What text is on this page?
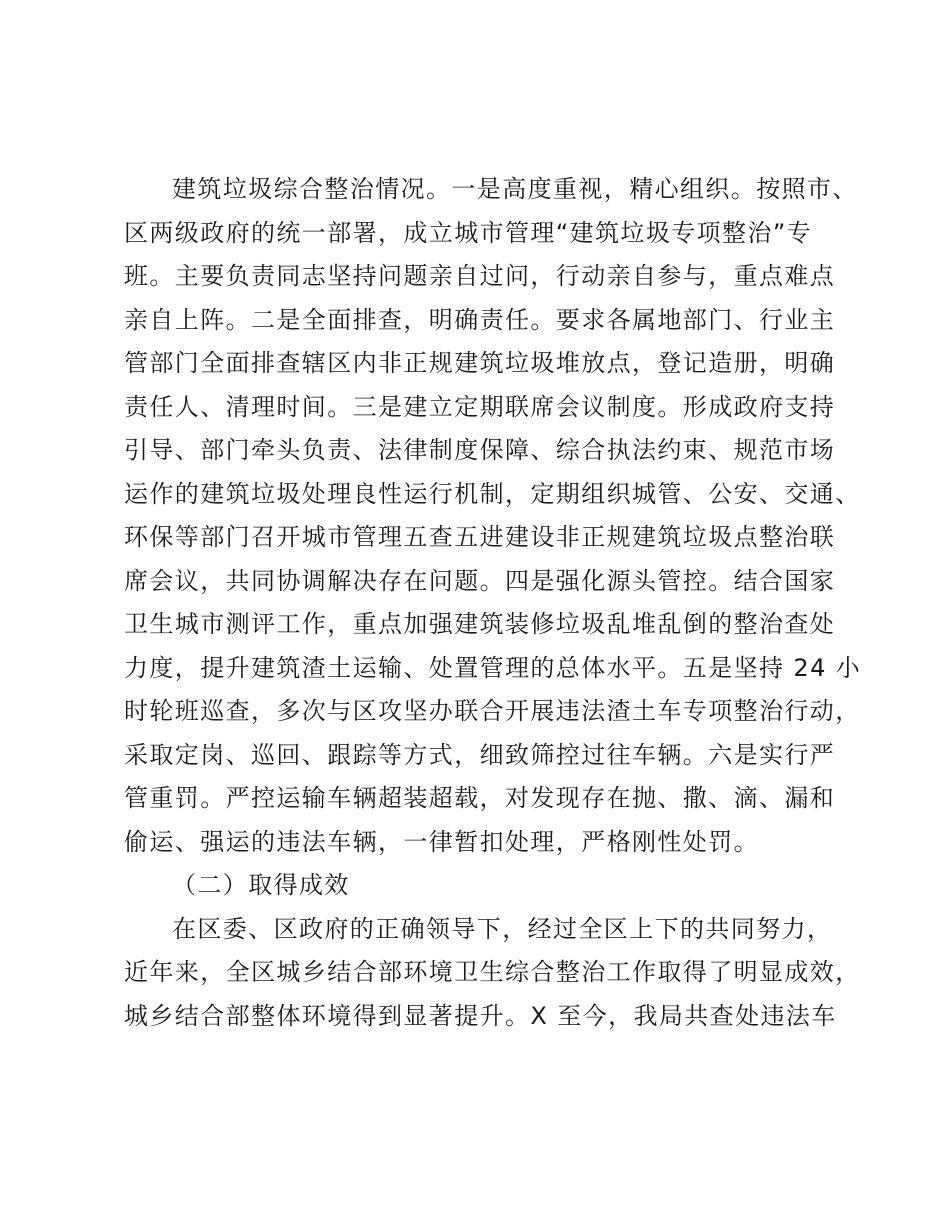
建筑垃圾综合整治情况。一是高度重视，精心组织。按照市、
区两级政府的统一部署，成立城市管理“建筑垃圾专项整治”专
班。主要负责同志坚持问题亲自过问，行动亲自参与，重点难点
亲自上阵。二是全面排查，明确责任。要求各属地部门、行业主
管部门全面排查辖区内非正规建筑垃圾堆放点，登记造册，明确
责任人、清理时间。三是建立定期联席会议制度。形成政府支持
引导、部门牵头负责、法律制度保障、综合执法约束、规范市场
运作的建筑垃圾处理良性运行机制，定期组织城管、公安、交通、
环保等部门召开城市管理五查五进建设非正规建筑垃圾点整治联
席会议，共同协调解决存在问题。四是强化源头管控。结合国家
卫生城市测评工作，重点加强建筑装修垃圾乱堆乱倒的整治查处
力度，提升建筑渣土运输、处置管理的总体水平。五是坚持 24 小
时轮班巡查，多次与区攻坚办联合开展违法渣土车专项整治行动，
采取定岗、巡回、跟踪等方式，细致筛控过往车辆。六是实行严
管重罚。严控运输车辆超装超载，对发现存在抛、撒、滴、漏和
偷运、强运的违法车辆，一律暂扣处理，严格刚性处罚。
（二）取得成效
在区委、区政府的正确领导下，经过全区上下的共同努力，
近年来，全区城乡结合部环境卫生综合整治工作取得了明显成效，
城乡结合部整体环境得到显著提升。X 至今，我局共查处违法车
